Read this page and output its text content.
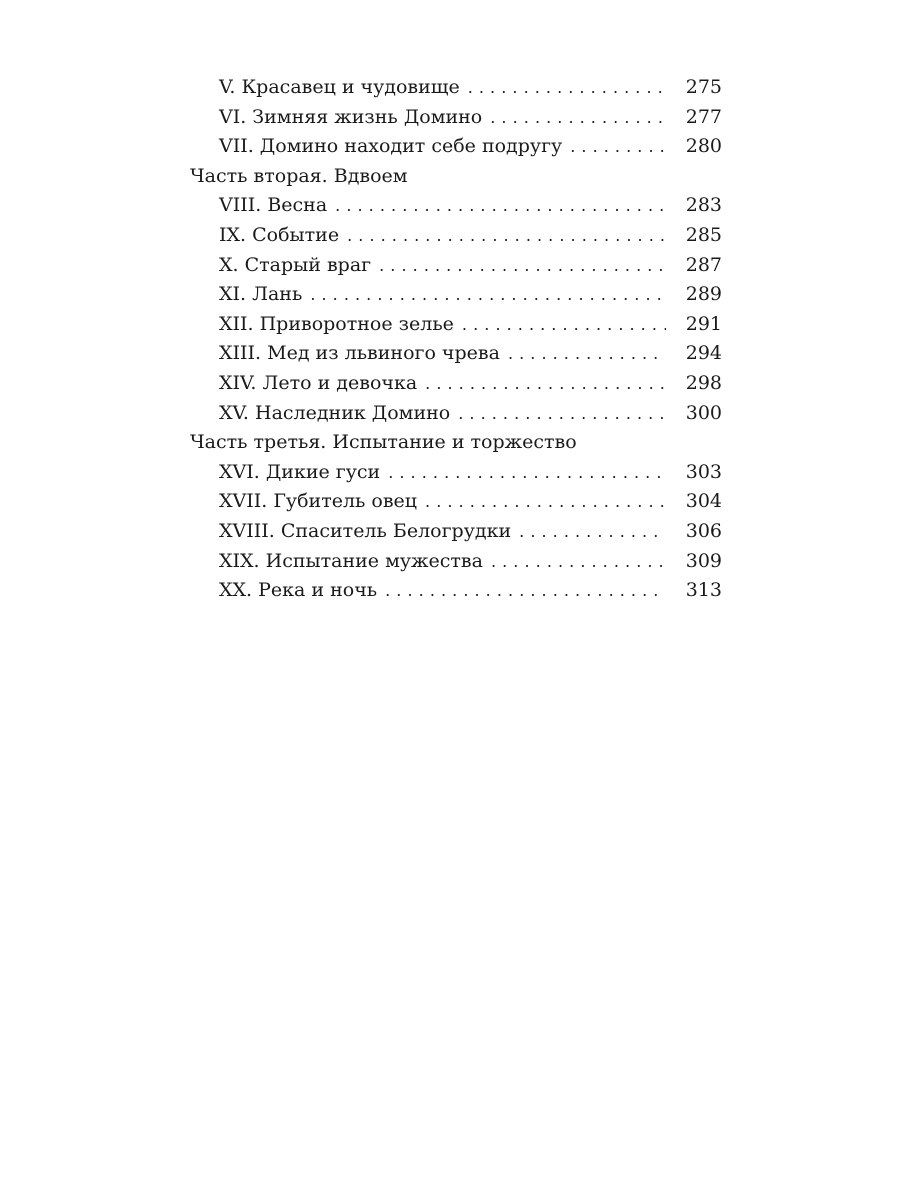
V. Красавец и чудовище . . .	275
VI. Зимняя жизнь Домино . . .	277
VII. Домино находит себе подругу . . .	280
Часть вторая. Вдвоем
VIII. Весна . . .	283
IX. Событие . . .	285
X. Старый враг . . .	287
XI. Лань . . .	289
XII. Приворотное зелье . . .	291
XIII. Мед из львиного чрева . . .	294
XIV. Лето и девочка . . .	298
XV. Наследник Домино . . .	300
Часть третья. Испытание и торжество
XVI. Дикие гуси . . .	303
XVII. Губитель овец . . .	304
XVIII. Спаситель Белогрудки . . .	306
XIX. Испытание мужества . . .	309
XX. Река и ночь . . .	313
